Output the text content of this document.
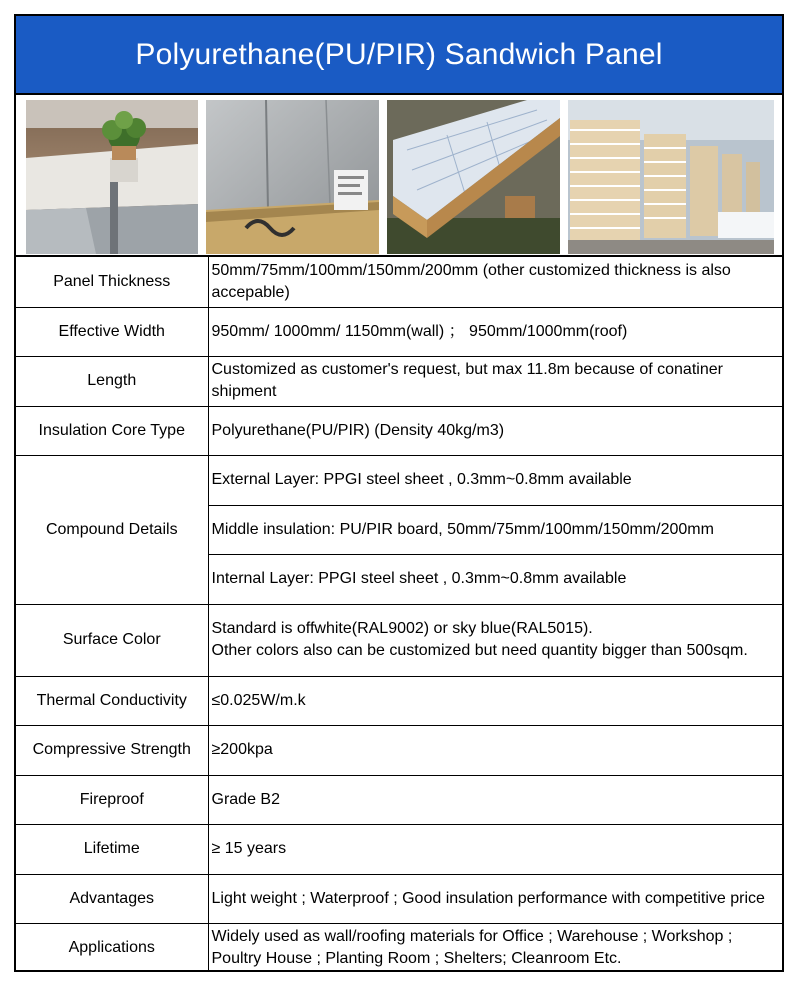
Polyurethane(PU/PIR) Sandwich Panel
Panel Thickness	50mm/75mm/100mm/150mm/200mm (other customized thickness is also accepable)
Effective Width	950mm/ 1000mm/ 1150mm(wall) ； 950mm/1000mm(roof)
Length	Customized as customer's request, but max 11.8m because of conatiner shipment
Insulation Core Type	Polyurethane(PU/PIR) (Density 40kg/m3)
Compound Details	External Layer: PPGI steel sheet , 0.3mm~0.8mm available
	Middle insulation: PU/PIR board, 50mm/75mm/100mm/150mm/200mm
	Internal Layer: PPGI steel sheet , 0.3mm~0.8mm available
Surface Color	Standard is offwhite(RAL9002) or sky blue(RAL5015).
Other colors also can be customized but need quantity bigger than 500sqm.

Thermal Conductivity	≤0.025W/m.k
Compressive Strength	≥200kpa
Fireproof	Grade B2
Lifetime	≥ 15 years
Advantages	Light weight ; Waterproof ; Good insulation performance with competitive price
Applications	Widely used as wall/roofing materials for Office ; Warehouse ; Workshop ; Poultry House ; Planting Room ; Shelters; Cleanroom Etc.
